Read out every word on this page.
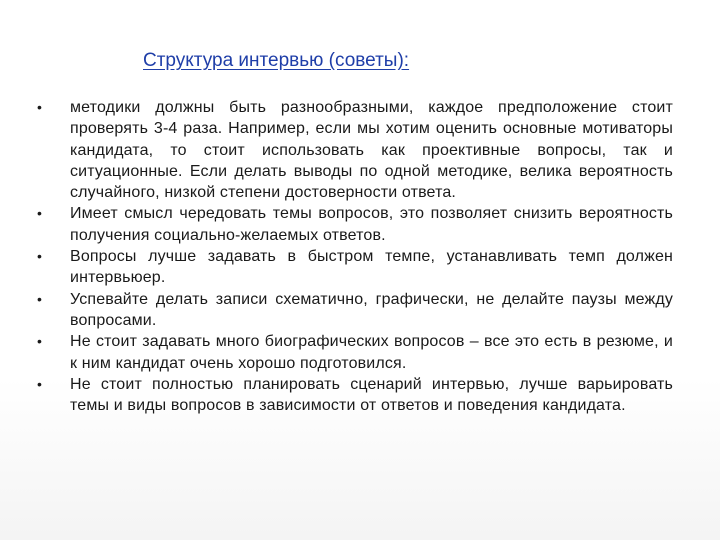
Структура интервью (советы):
• методики должны быть разнообразными, каждое предположение стоит проверять 3-4 раза. Например, если мы хотим оценить основные мотиваторы кандидата, то стоит использовать как проективные вопросы, так и ситуационные. Если делать выводы по одной методике, велика вероятность случайного, низкой степени достоверности ответа.
• Имеет смысл чередовать темы вопросов, это позволяет снизить вероятность получения социально-желаемых ответов.
• Вопросы лучше задавать в быстром темпе, устанавливать темп должен интервьюер.
• Успевайте делать записи схематично, графически, не делайте паузы между вопросами.
• Не стоит задавать много биографических вопросов – все это есть в резюме, и к ним кандидат очень хорошо подготовился.
• Не стоит полностью планировать сценарий интервью, лучше варьировать темы и виды вопросов в зависимости от ответов и поведения кандидата.
